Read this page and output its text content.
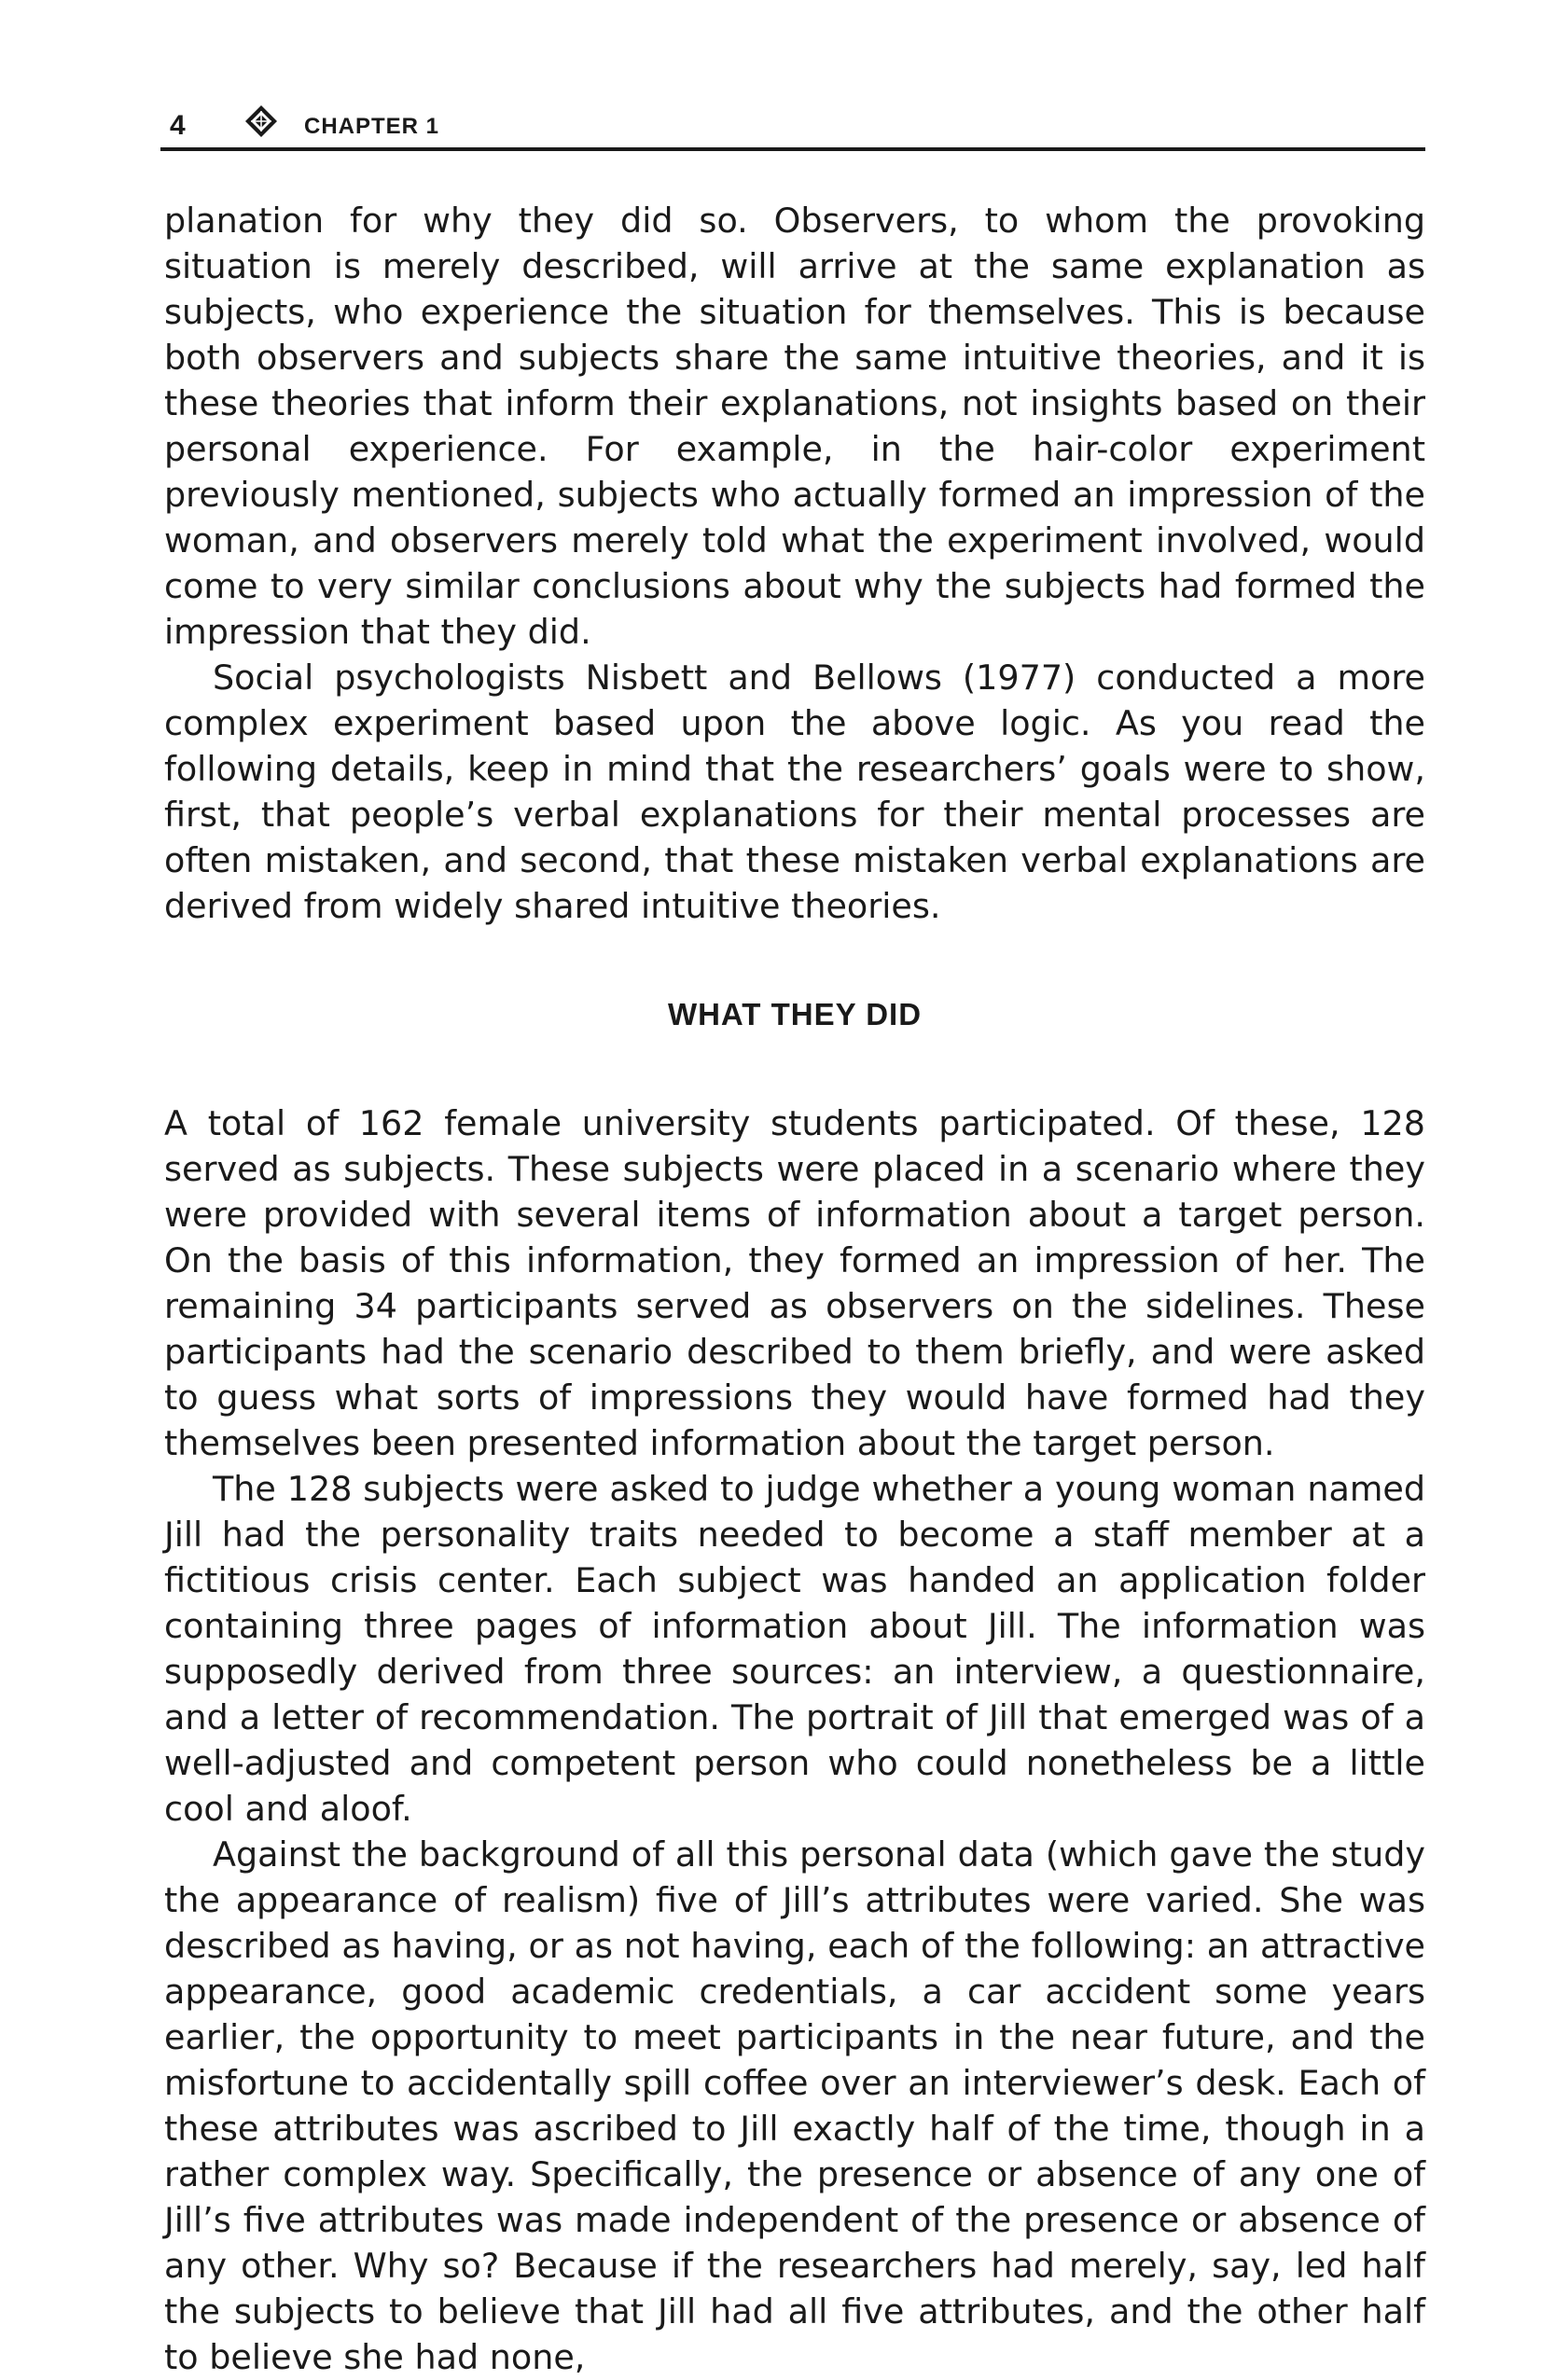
4	CHAPTER 1

planation for why they did so. Observers, to whom the provoking situation is merely described, will arrive at the same explanation as subjects, who experience the situation for themselves. This is because both observers and subjects share the same intuitive theories, and it is these theories that inform their explanations, not insights based on their personal experience. For example, in the hair-color experiment previously mentioned, subjects who actually formed an impression of the woman, and observers merely told what the experiment involved, would come to very similar conclusions about why the subjects had formed the impression that they did.

Social psychologists Nisbett and Bellows (1977) conducted a more complex experiment based upon the above logic. As you read the following details, keep in mind that the researchers’ goals were to show, first, that people’s verbal explanations for their mental processes are often mistaken, and second, that these mistaken verbal explanations are derived from widely shared intuitive theories.

WHAT THEY DID

A total of 162 female university students participated. Of these, 128 served as subjects. These subjects were placed in a scenario where they were provided with several items of information about a target person. On the basis of this information, they formed an impression of her. The remaining 34 participants served as observers on the sidelines. These participants had the scenario described to them briefly, and were asked to guess what sorts of impressions they would have formed had they themselves been presented information about the target person.

The 128 subjects were asked to judge whether a young woman named Jill had the personality traits needed to become a staff member at a fictitious crisis center. Each subject was handed an application folder containing three pages of information about Jill. The information was supposedly derived from three sources: an interview, a questionnaire, and a letter of recommendation. The portrait of Jill that emerged was of a well-adjusted and competent person who could nonetheless be a little cool and aloof.

Against the background of all this personal data (which gave the study the appearance of realism) five of Jill’s attributes were varied. She was described as having, or as not having, each of the following: an attractive appearance, good academic credentials, a car accident some years earlier, the opportunity to meet participants in the near future, and the misfortune to accidentally spill coffee over an interviewer’s desk. Each of these attributes was ascribed to Jill exactly half of the time, though in a rather complex way. Specifically, the presence or absence of any one of Jill’s five attributes was made independent of the presence or absence of any other. Why so? Because if the researchers had merely, say, led half the subjects to believe that Jill had all five attributes, and the other half to believe she had none,
